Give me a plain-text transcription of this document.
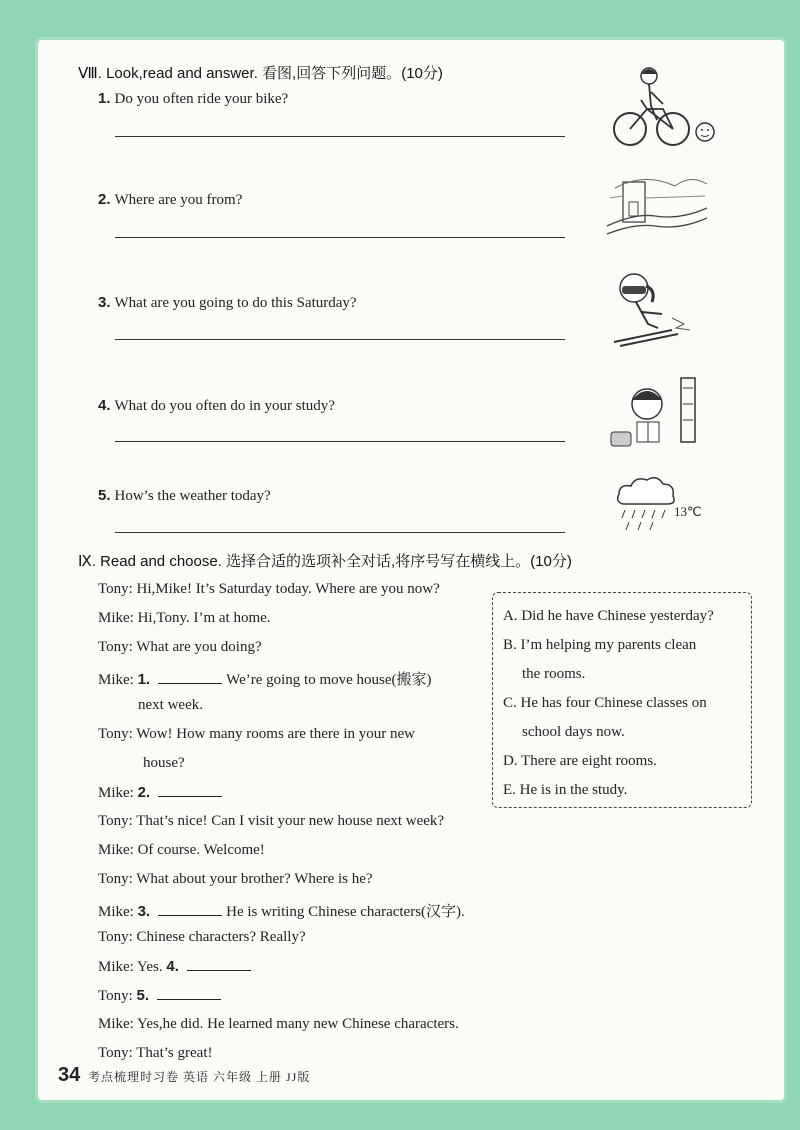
Ⅷ. Look,read and answer. 看图,回答下列问题。(10分)
1. Do you often ride your bike?
2. Where are you from?
3. What are you going to do this Saturday?
4. What do you often do in your study?
5. How’s the weather today?
13℃
Ⅸ. Read and choose. 选择合适的选项补全对话,将序号写在横线上。(10分)
Tony: Hi,Mike! It’s Saturday today. Where are you now?
Mike: Hi,Tony. I’m at home.
Tony: What are you doing?
Mike: 1.	We’re going to move house(搬家)
next week.
Tony: Wow! How many rooms are there in your new
house?
Mike: 2.
Tony: That’s nice! Can I visit your new house next week?
Mike: Of course. Welcome!
Tony: What about your brother? Where is he?
Mike: 3.	He is writing Chinese characters(汉字).
Tony: Chinese characters? Really?
Mike: Yes. 4.
Tony: 5.
Mike: Yes,he did. He learned many new Chinese characters.
Tony: That’s great!
A. Did he have Chinese yesterday?
B. I’m helping my parents clean
the rooms.
C. He has four Chinese classes on
school days now.
D. There are eight rooms.
E. He is in the study.
34 考点梳理时习卷 英语 六年级 上册 JJ版
